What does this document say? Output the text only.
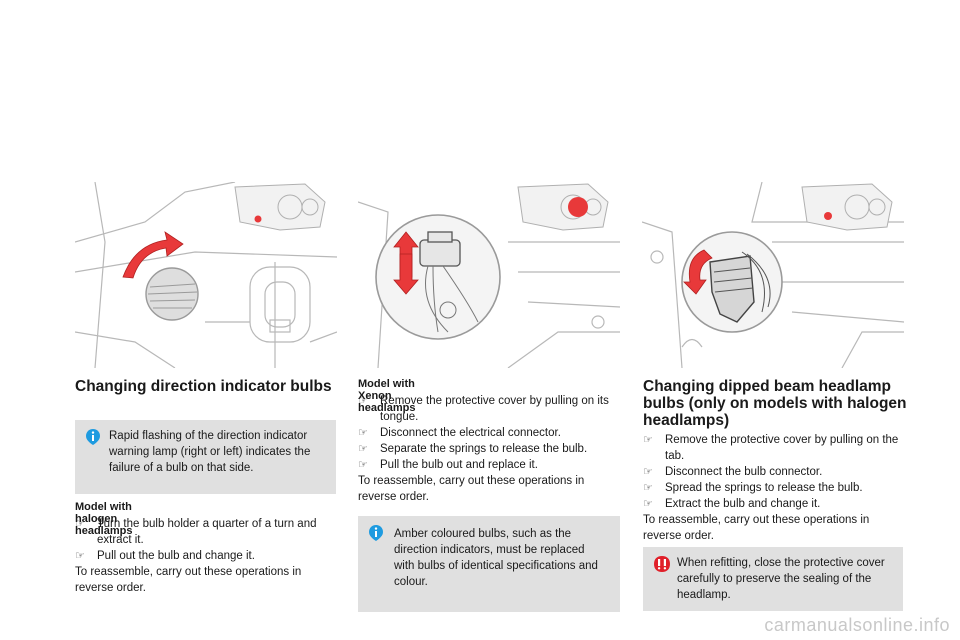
Changing direction indicator bulbs

Rapid flashing of the direction indicator warning lamp (right or left) indicates the failure of a bulb on that side.

Model with halogen headlamps

☞ Turn the bulb holder a quarter of a turn and extract it.
☞ Pull out the bulb and change it.

To reassemble, carry out these operations in reverse order.

Model with Xenon headlamps

☞ Remove the protective cover by pulling on its tongue.
☞ Disconnect the electrical connector.
☞ Separate the springs to release the bulb.
☞ Pull the bulb out and replace it.

To reassemble, carry out these operations in reverse order.

Amber coloured bulbs, such as the direction indicators, must be replaced with bulbs of identical specifications and colour.

Changing dipped beam headlamp bulbs (only on models with halogen headlamps)
☞ Remove the protective cover by pulling on the tab.
☞ Disconnect the bulb connector.
☞ Spread the springs to release the bulb.
☞ Extract the bulb and change it.

To reassemble, carry out these operations in reverse order.

When refitting, close the protective cover carefully to preserve the sealing of the headlamp.

carmanualsonline.info
